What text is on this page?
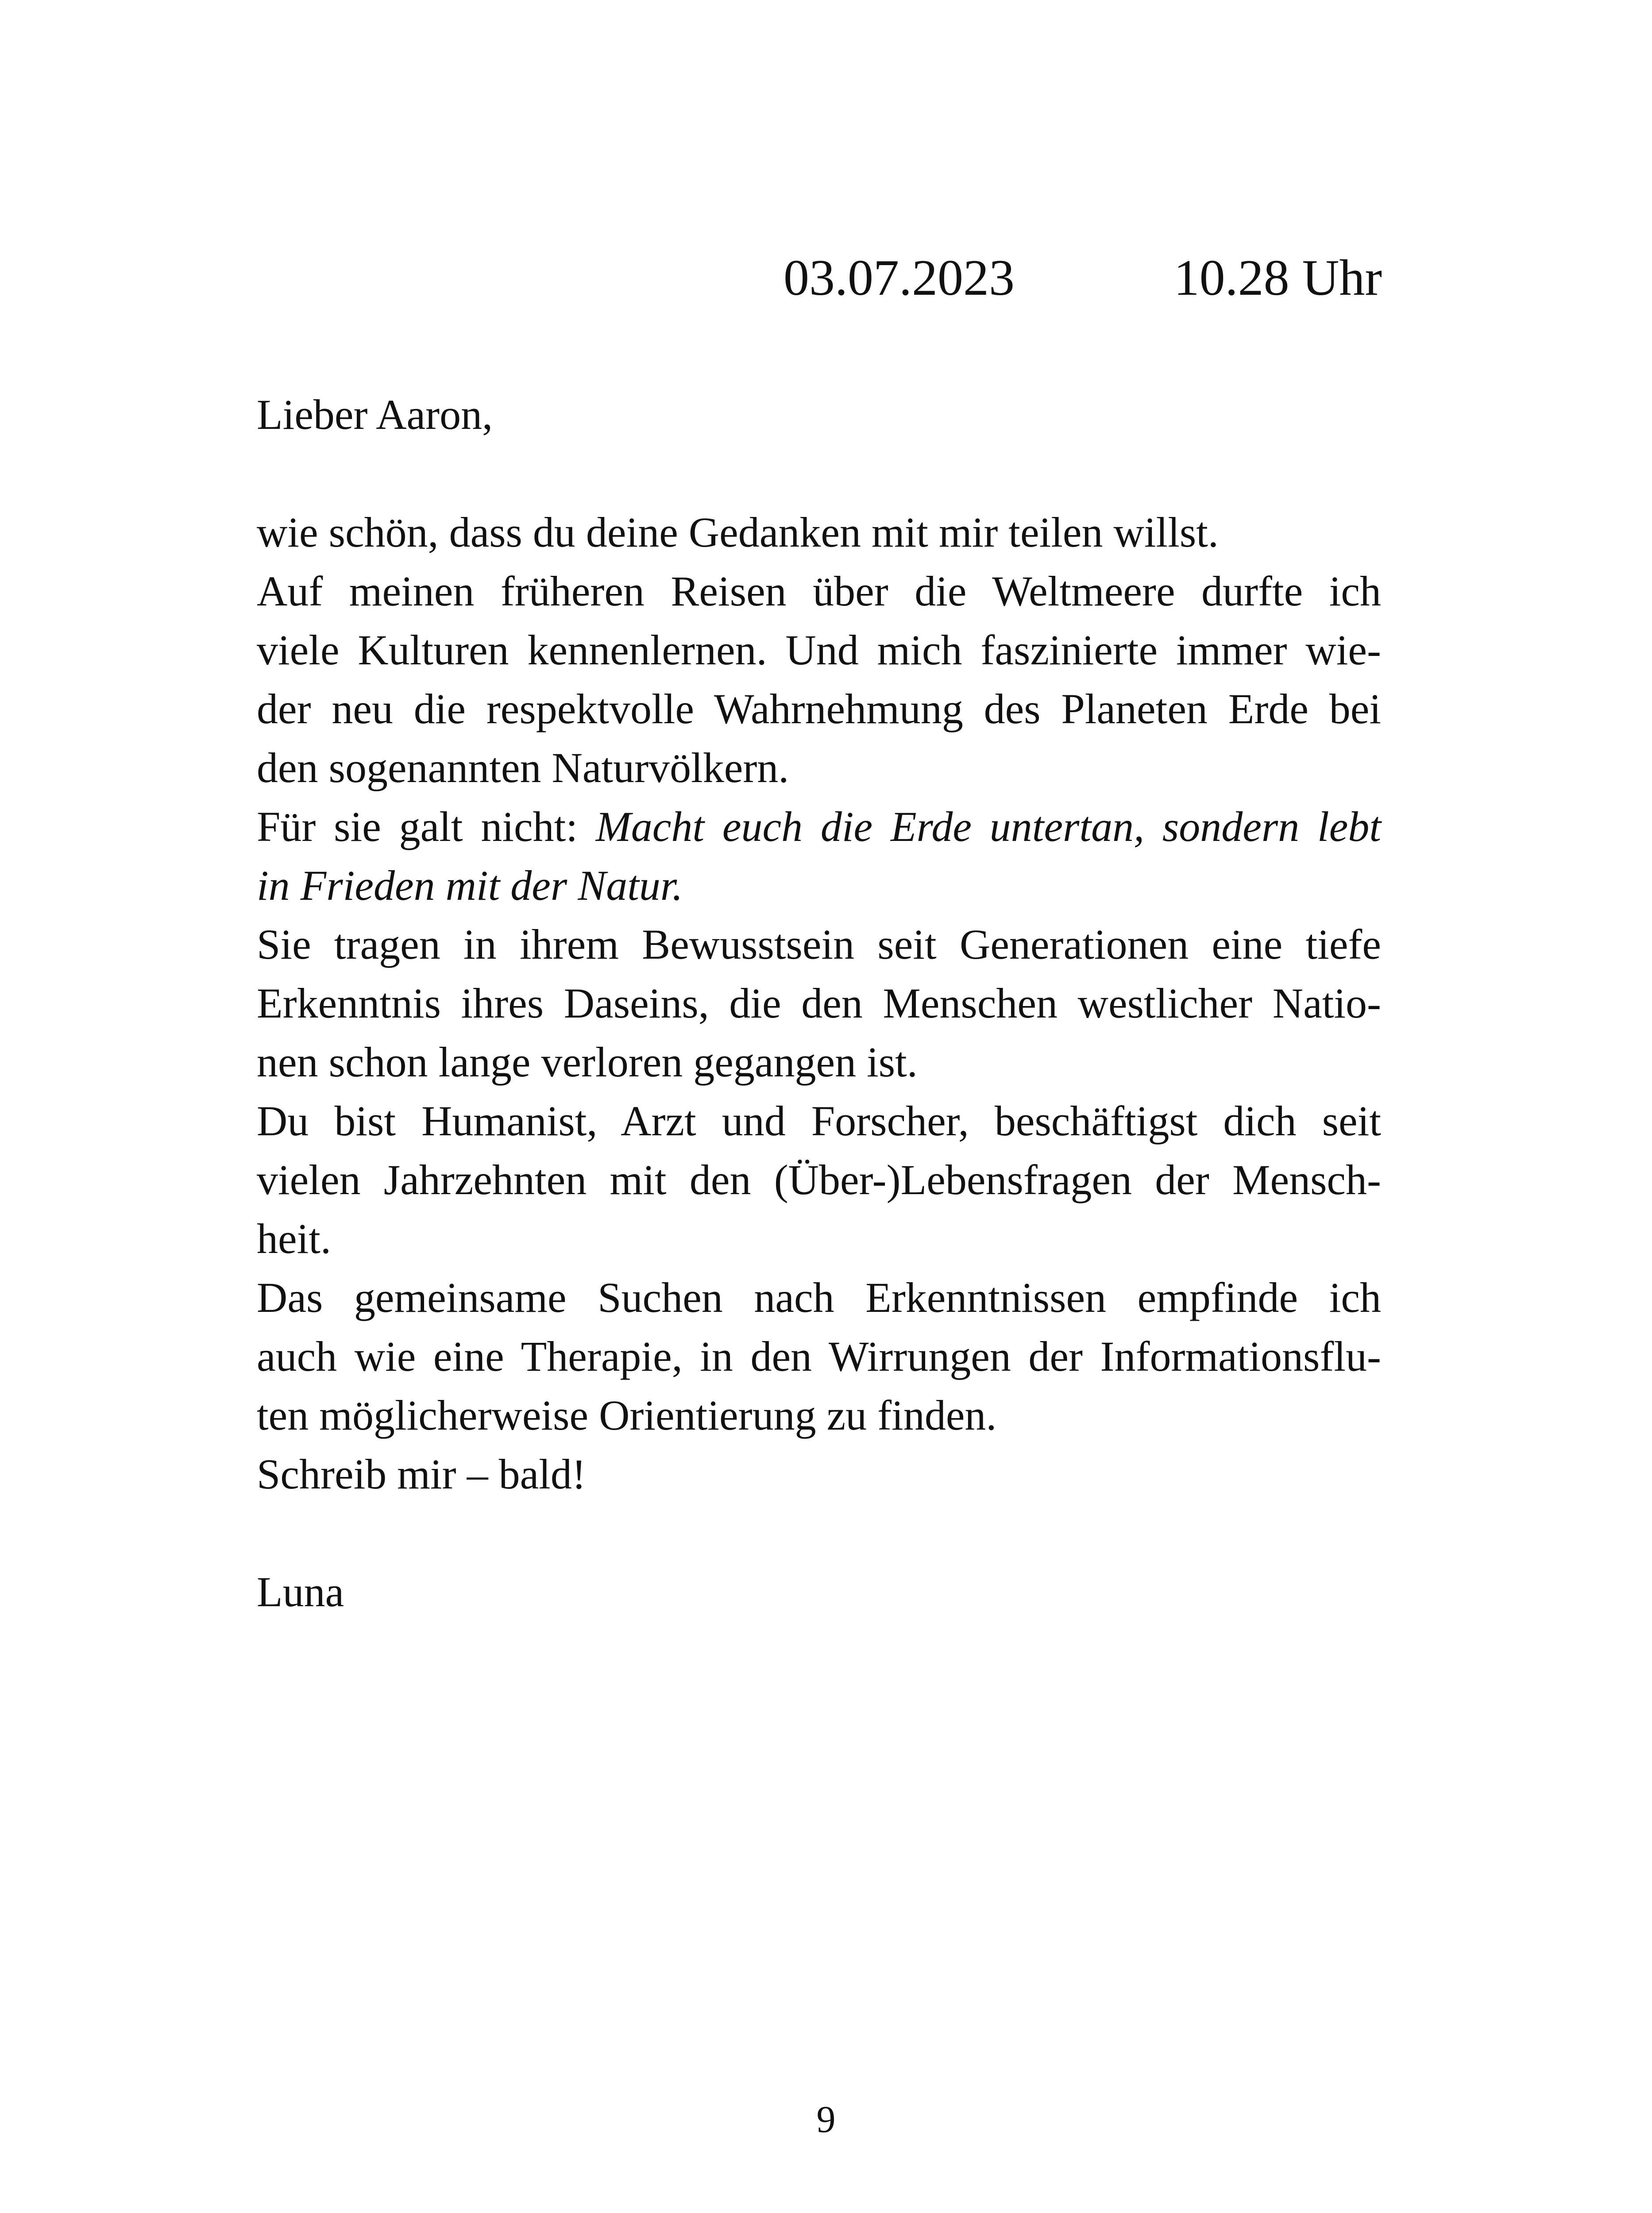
03.07.2023	10.28 Uhr

Lieber Aaron,

wie schön, dass du deine Gedanken mit mir teilen willst.
Auf meinen früheren Reisen über die Weltmeere durfte ich
viele Kulturen kennenlernen. Und mich faszinierte immer wie-
der neu die respektvolle Wahrnehmung des Planeten Erde bei
den sogenannten Naturvölkern.
Für sie galt nicht: Macht euch die Erde untertan, sondern lebt
in Frieden mit der Natur.
Sie tragen in ihrem Bewusstsein seit Generationen eine tiefe
Erkenntnis ihres Daseins, die den Menschen westlicher Natio-
nen schon lange verloren gegangen ist.
Du bist Humanist, Arzt und Forscher, beschäftigst dich seit
vielen Jahrzehnten mit den (Über-)Lebensfragen der Mensch-
heit.
Das gemeinsame Suchen nach Erkenntnissen empfinde ich
auch wie eine Therapie, in den Wirrungen der Informationsflu-
ten möglicherweise Orientierung zu finden.
Schreib mir – bald!
Luna
9
